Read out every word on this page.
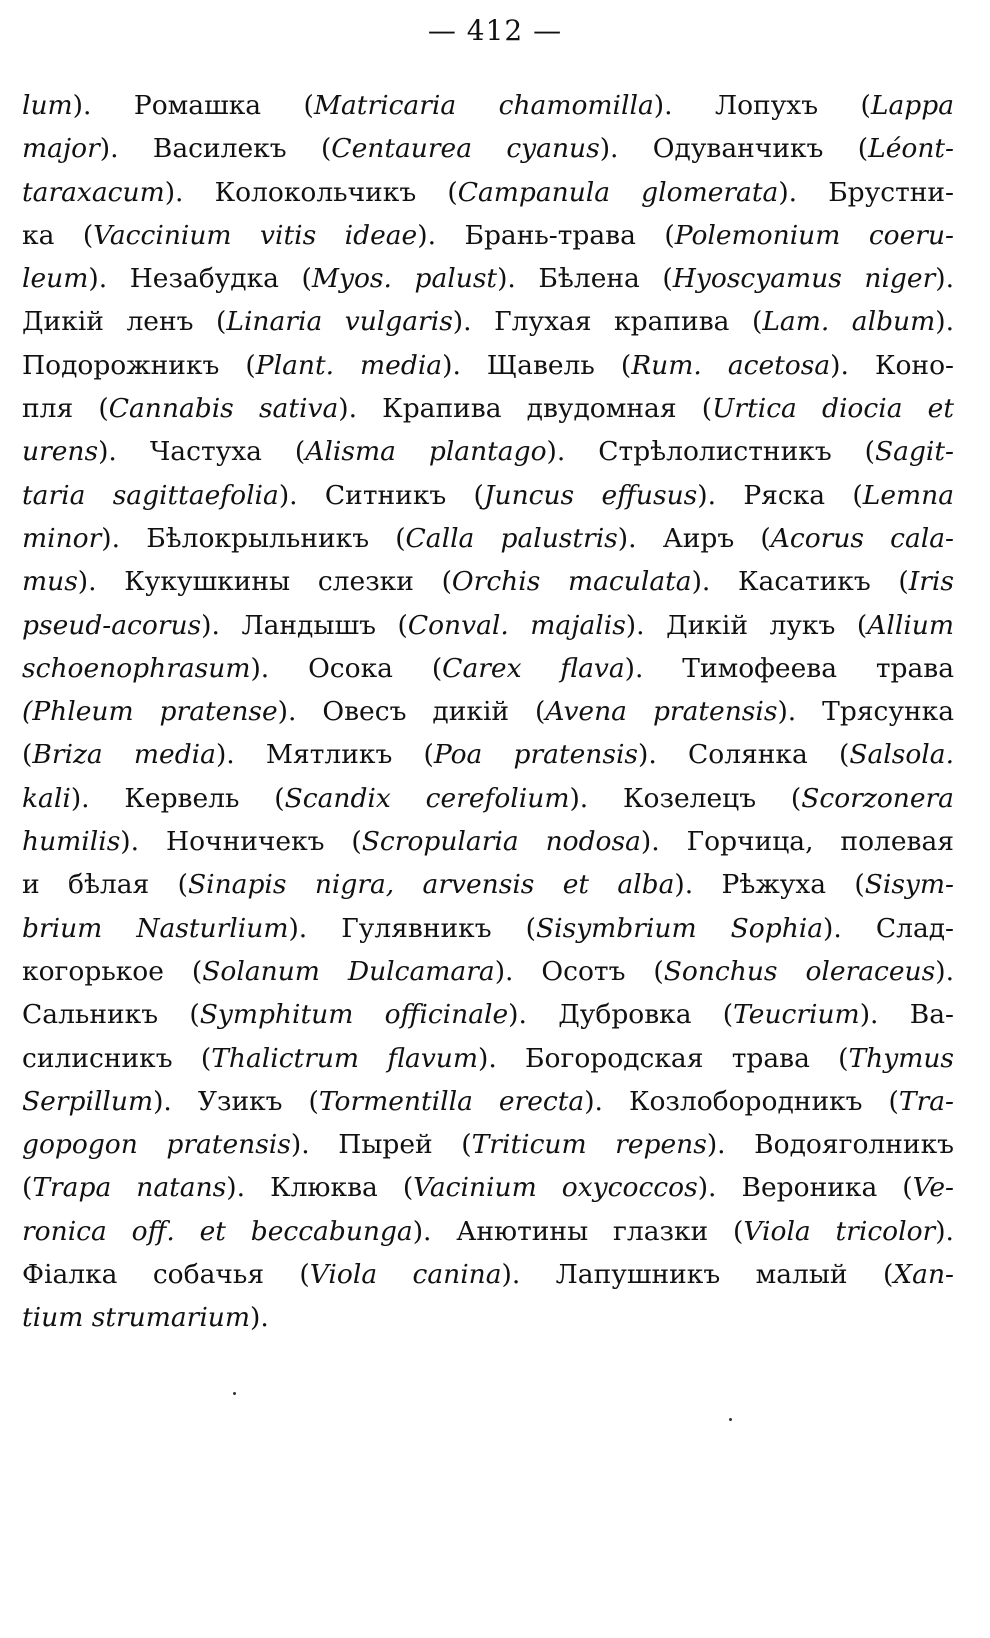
— 412 —
lum). Ромашка (Matricaria chamomilla). Лопухъ (Lappa
major). Василекъ (Centaurea cyanus). Одуванчикъ (Léont-
taraxacum). Колокольчикъ (Campanula glomerata). Брустни-
ка (Vaccinium vitis ideae). Брань-трава (Polemonium coeru-
leum). Незабудка (Myos. palust). Бѣлена (Hyoscyamus niger).
Дикій ленъ (Linaria vulgaris). Глухая крапива (Lam. album).
Подорожникъ (Plant. media). Щавель (Rum. acetosa). Коно-
пля (Cannabis sativa). Крапива двудомная (Urtica dioсia et
urens). Частуха (Alisma plantago). Стрѣлолистникъ (Sagit-
taria sagittaefolia). Ситникъ (Juncus effusus). Ряска (Lemna
minor). Бѣлокрыльникъ (Calla palustris). Аиръ (Acorus cala-
mus). Кукушкины слезки (Orchis maculata). Касатикъ (Iris
pseud-acorus). Ландышъ (Conval. majalis). Дикій лукъ (Allium
schoenophrasum). Осока (Carex flava). Тимофеева трава
(Phleum pratense). Овесъ дикій (Avena pratensis). Трясунка
(Briza media). Мятликъ (Poa pratensis). Солянка (Salsola.
kali). Кервель (Scandix cerefolium). Козелецъ (Scorzonera
humilis). Ночничекъ (Scropularia nodosa). Горчица, полевая
и бѣлая (Sinapis nigra, arvensis et alba). Рѣжуха (Sisym-
brium Nasturlium). Гулявникъ (Sisymbrium Sophia). Слад-
когорькое (Solanum Dulcamara). Осотъ (Sonchus oleraceus).
Сальникъ (Symphitum officinale). Дубровка (Teucrium). Ва-
силисникъ (Thalictrum flavum). Богородская трава (Thymus
Serpillum). Узикъ (Tormentilla erecta). Козлобородникъ (Tra-
gopogon pratensis). Пырей (Triticum repens). Водояголникъ
(Trapa natans). Клюква (Vacinium oxycoccos). Вероника (Ve-
ronica off. et beccabunga). Анютины глазки (Viola tricolor).
Фіалка собачья (Viola canina). Лапушникъ малый (Xan-
tium strumarium).
